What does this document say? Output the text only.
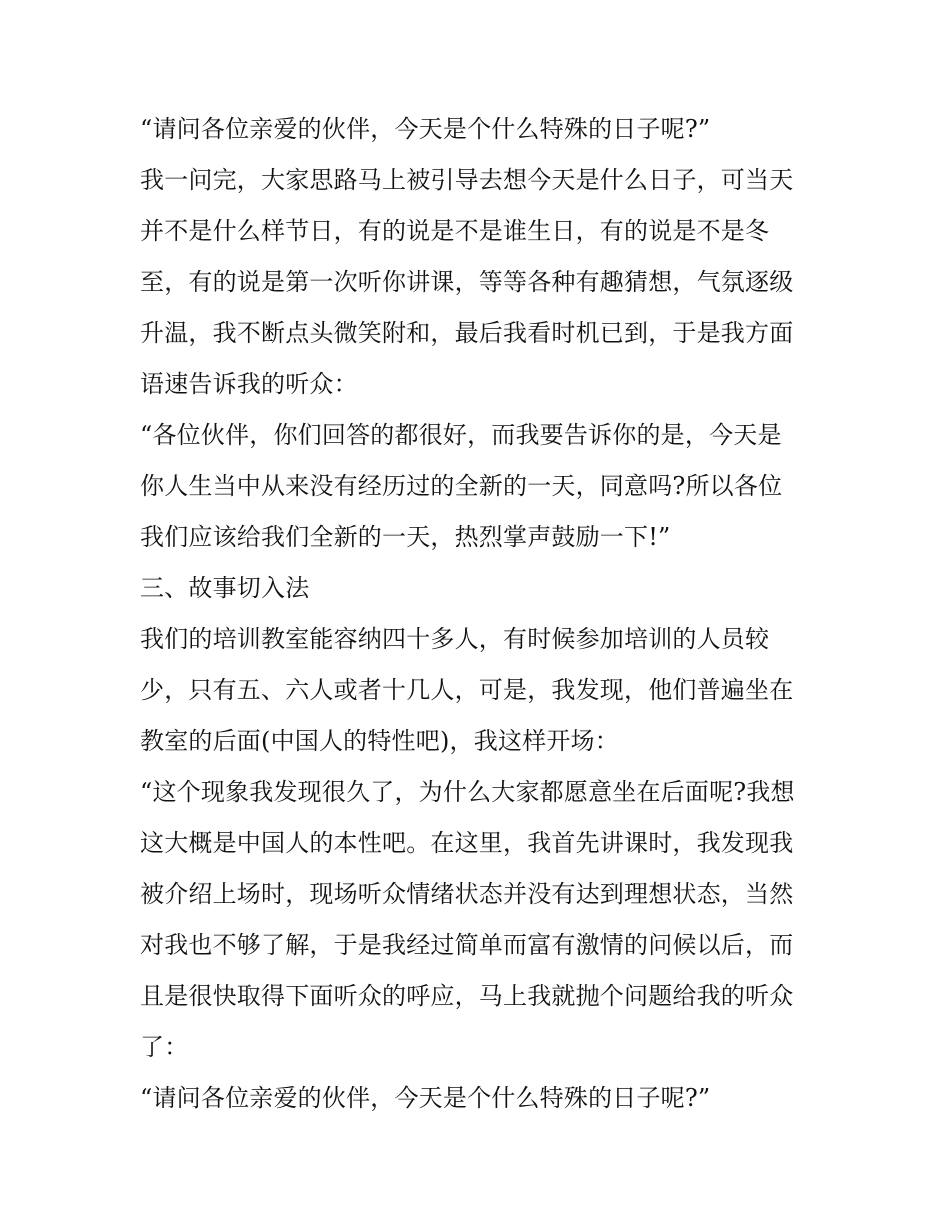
“请问各位亲爱的伙伴，今天是个什么特殊的日子呢?”
我一问完，大家思路马上被引导去想今天是什么日子，可当天
并不是什么样节日，有的说是不是谁生日，有的说是不是冬
至，有的说是第一次听你讲课，等等各种有趣猜想，气氛逐级
升温，我不断点头微笑附和，最后我看时机已到，于是我方面
语速告诉我的听众：
“各位伙伴，你们回答的都很好，而我要告诉你的是，今天是
你人生当中从来没有经历过的全新的一天，同意吗?所以各位
我们应该给我们全新的一天，热烈掌声鼓励一下!”
三、故事切入法
我们的培训教室能容纳四十多人，有时候参加培训的人员较
少，只有五、六人或者十几人，可是，我发现，他们普遍坐在
教室的后面(中国人的特性吧)，我这样开场：
“这个现象我发现很久了，为什么大家都愿意坐在后面呢?我想
这大概是中国人的本性吧。在这里，我首先讲课时，我发现我
被介绍上场时，现场听众情绪状态并没有达到理想状态，当然
对我也不够了解，于是我经过简单而富有激情的问候以后，而
且是很快取得下面听众的呼应，马上我就抛个问题给我的听众
了：
“请问各位亲爱的伙伴，今天是个什么特殊的日子呢?”
